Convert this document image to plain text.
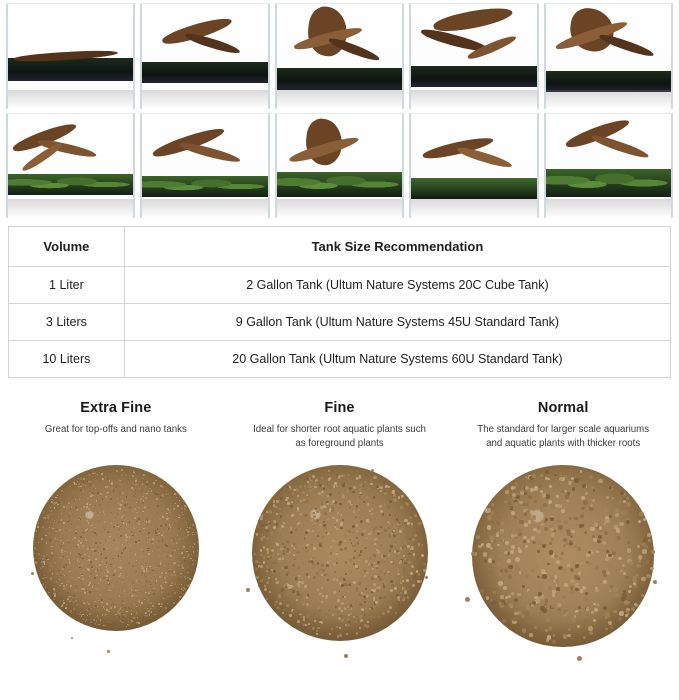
Volume	Tank Size Recommendation
1 Liter	2 Gallon Tank (Ultum Nature Systems 20C Cube Tank)
3 Liters	9 Gallon Tank (Ultum Nature Systems 45U Standard Tank)
10 Liters	20 Gallon Tank (Ultum Nature Systems 60U Standard Tank)
Extra Fine
Great for top-offs and nano tanks
Fine
Ideal for shorter root aquatic plants such as foreground plants
Normal
The standard for larger scale aquariums and aquatic plants with thicker roots
